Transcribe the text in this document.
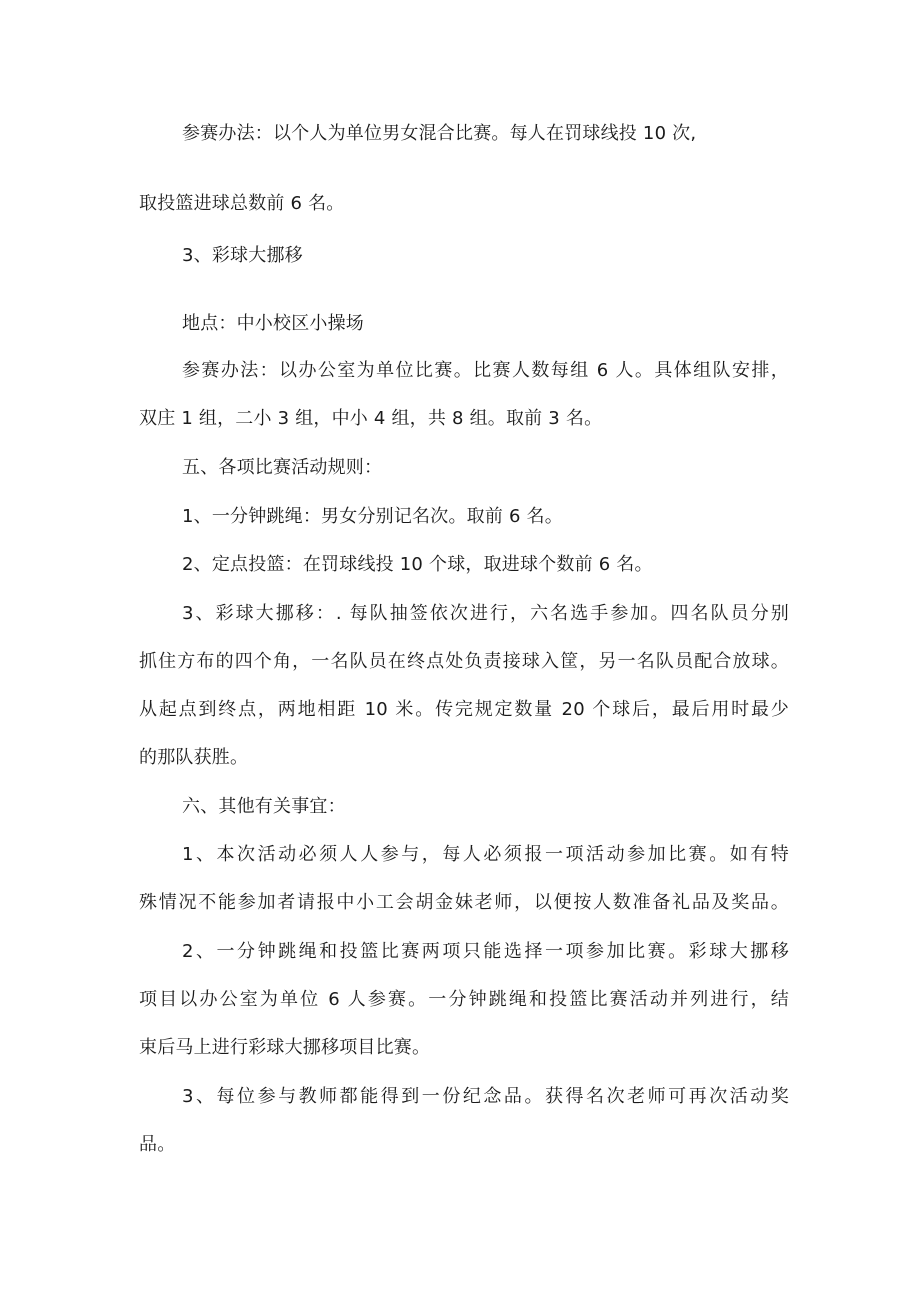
参赛办法：以个人为单位男女混合比赛。每人在罚球线投 10 次,
取投篮进球总数前 6 名。
3、彩球大挪移
地点：中小校区小操场
参赛办法：以办公室为单位比赛。比赛人数每组 6 人。具体组队安排，
双庄 1 组，二小 3 组，中小 4 组，共 8 组。取前 3 名。
五、各项比赛活动规则：
1、一分钟跳绳：男女分别记名次。取前 6 名。
2、定点投篮：在罚球线投 10 个球，取进球个数前 6 名。
3、彩球大挪移：. 每队抽签依次进行，六名选手参加。四名队员分别
抓住方布的四个角，一名队员在终点处负责接球入筐，另一名队员配合放球。
从起点到终点，两地相距 10 米。传完规定数量 20 个球后，最后用时最少
的那队获胜。
六、其他有关事宜：
1、本次活动必须人人参与，每人必须报一项活动参加比赛。如有特
殊情况不能参加者请报中小工会胡金妹老师，以便按人数准备礼品及奖品。
2、一分钟跳绳和投篮比赛两项只能选择一项参加比赛。彩球大挪移
项目以办公室为单位 6 人参赛。一分钟跳绳和投篮比赛活动并列进行，结
束后马上进行彩球大挪移项目比赛。
3、每位参与教师都能得到一份纪念品。获得名次老师可再次活动奖
品。
